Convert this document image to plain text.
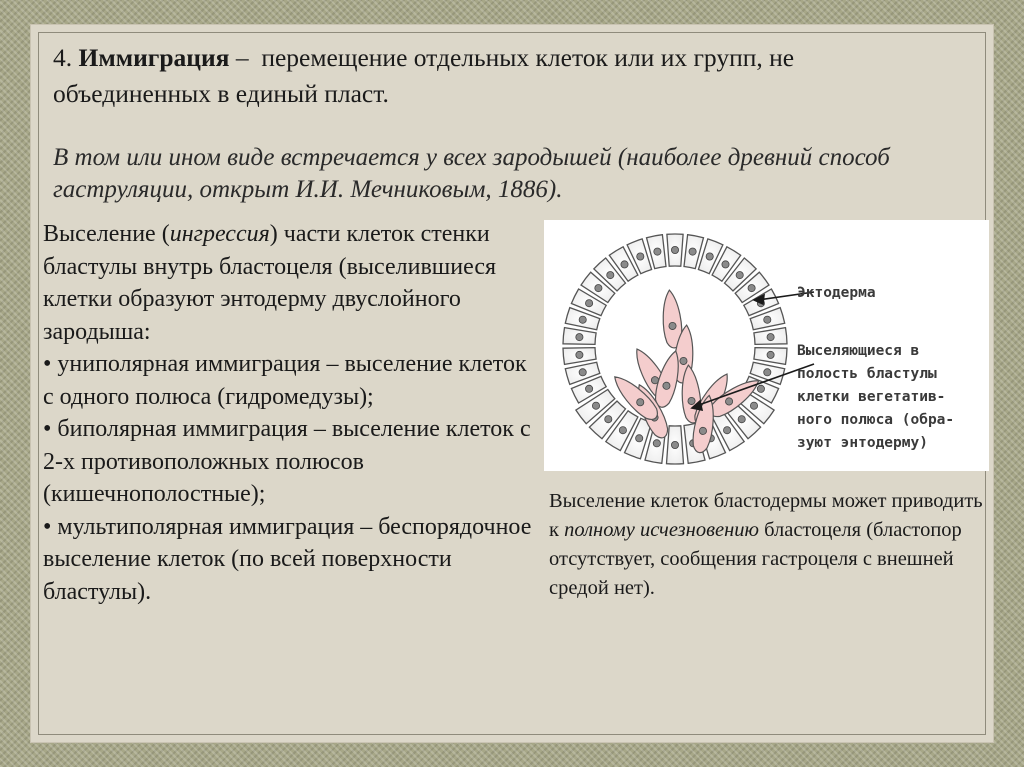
4. Иммиграция – перемещение отдельных клеток или их групп, не объединенных в единый пласт.
В том или ином виде встречается у всех зародышей (наиболее древний способ гаструляции, открыт И.И. Мечниковым, 1886).

Выселение (ингрессия) части клеток стенки бластулы внутрь бластоцеля (выселившиеся клетки образуют энтодерму двуслойного зародыша:

• униполярная иммиграция – выселение клеток с одного полюса (гидромедузы);

• биполярная иммиграция – выселение клеток с 2-х противоположных полюсов (кишечнополостные);

• мультиполярная иммиграция – беспорядочное выселение клеток (по всей поверхности бластулы).

Эктодерма
Выселяющиеся в
полость бластулы
клетки вегетатив-
ного полюса (обра-
зуют энтодерму)
Выселение клеток бластодермы может приводить к полному исчезновению бластоцеля (бластопор отсутствует, сообщения гастроцеля с внешней средой нет).
